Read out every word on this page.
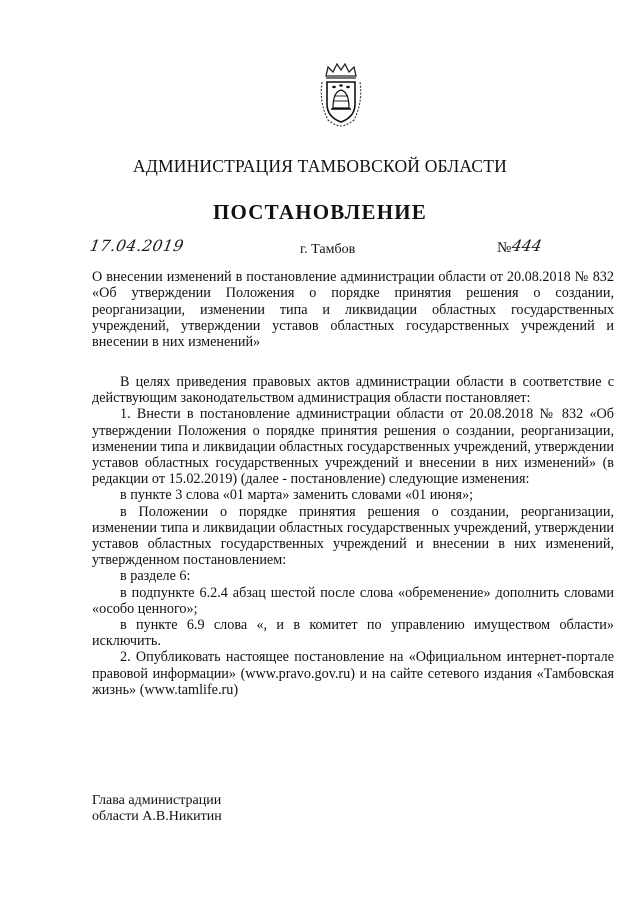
АДМИНИСТРАЦИЯ ТАМБОВСКОЙ ОБЛАСТИ
ПОСТАНОВЛЕНИЕ
17.04.2019	г. Тамбов	№ 444
О внесении изменений в постановление администрации области от 20.08.2018 № 832 «Об утверждении Положения о порядке принятия решения о создании, реорганизации, изменении типа и ликвидации областных государственных учреждений, утверждении уставов областных государственных учреждений и внесении в них изменений»

В целях приведения правовых актов администрации области в соответствие с действующим законодательством администрация области постановляет:

1. Внести в постановление администрации области от 20.08.2018 № 832 «Об утверждении Положения о порядке принятия решения о создании, реорганизации, изменении типа и ликвидации областных государственных учреждений, утверждении уставов областных государственных учреждений и внесении в них изменений» (в редакции от 15.02.2019) (далее - постановление) следующие изменения:

в пункте 3 слова «01 марта» заменить словами «01 июня»;

в Положении о порядке принятия решения о создании, реорганизации, изменении типа и ликвидации областных государственных учреждений, утверждении уставов областных государственных учреждений и внесении в них изменений, утвержденном постановлением:

в разделе 6:

в подпункте 6.2.4 абзац шестой после слова «обременение» дополнить словами «особо ценного»;

в пункте 6.9 слова «, и в комитет по управлению имуществом области» исключить.

2. Опубликовать настоящее постановление на «Официальном интернет-портале правовой информации» (www.pravo.gov.ru) и на сайте сетевого издания «Тамбовская жизнь» (www.tamlife.ru)

Глава администрации
области А.В.Никитин
